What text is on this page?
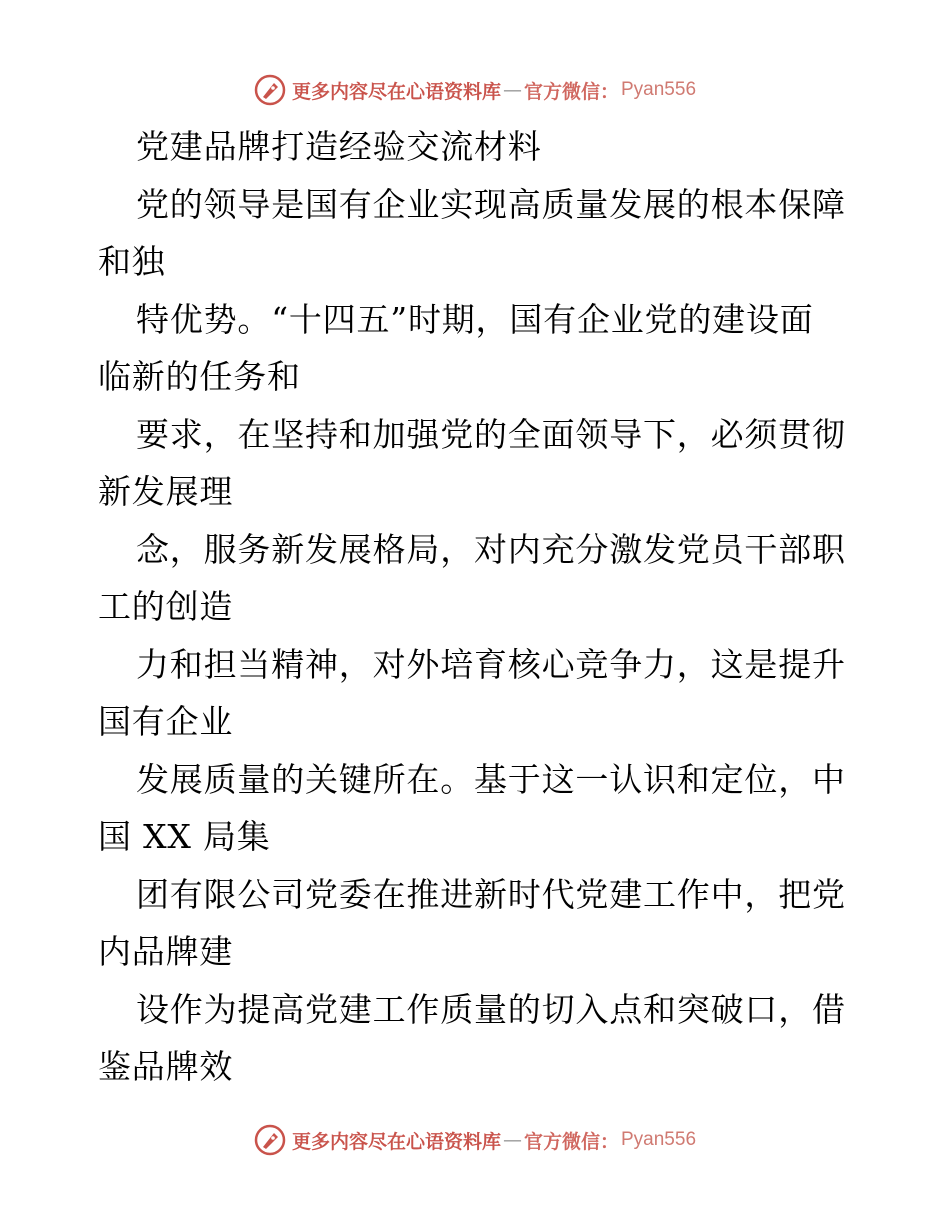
更多内容尽在心语资料库 — 官方微信： Pyan556
党建品牌打造经验交流材料
党的领导是国有企业实现高质量发展的根本保障
和独
特优势。“十四五”时期，国有企业党的建设面
临新的任务和
要求，在坚持和加强党的全面领导下，必须贯彻
新发展理
念，服务新发展格局，对内充分激发党员干部职
工的创造
力和担当精神，对外培育核心竞争力，这是提升
国有企业
发展质量的关键所在。基于这一认识和定位，中
国 XX 局集
团有限公司党委在推进新时代党建工作中，把党
内品牌建
设作为提高党建工作质量的切入点和突破口，借
鉴品牌效
更多内容尽在心语资料库 — 官方微信： Pyan556
